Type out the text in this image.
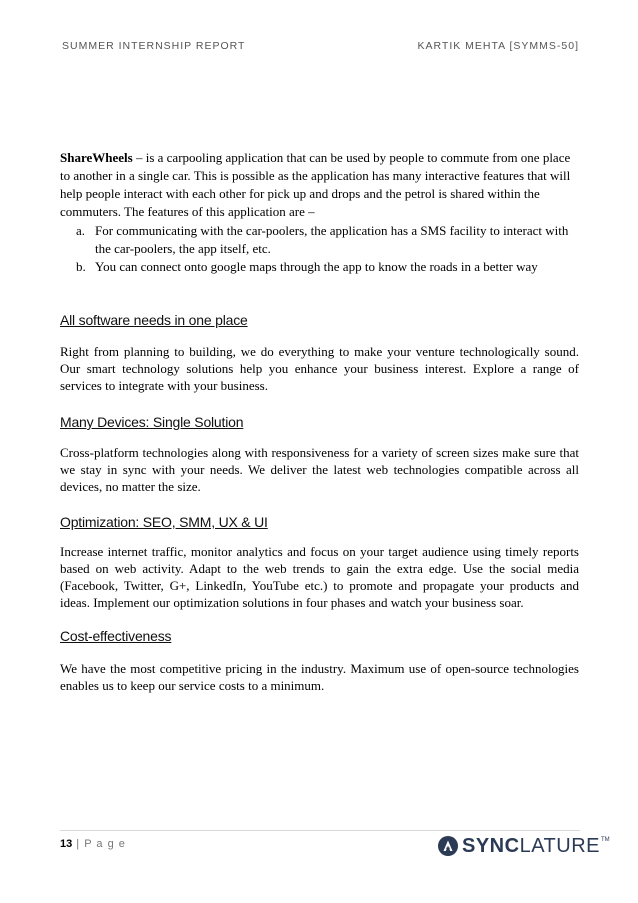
SUMMER INTERNSHIP REPORT	KARTIK MEHTA [SYMMS-50]

ShareWheels – is a carpooling application that can be used by people to commute from one place to another in a single car. This is possible as the application has many interactive features that will help people interact with each other for pick up and drops and the petrol is shared within the commuters. The features of this application are –

a. For communicating with the car-poolers, the application has a SMS facility to interact with the car-poolers, the app itself, etc.
b. You can connect onto google maps through the app to know the roads in a better way
All software needs in one place

Right from planning to building, we do everything to make your venture technologically sound. Our smart technology solutions help you enhance your business interest. Explore a range of services to integrate with your business.

Many Devices: Single Solution

Cross-platform technologies along with responsiveness for a variety of screen sizes make sure that we stay in sync with your needs. We deliver the latest web technologies compatible across all devices, no matter the size.

Optimization: SEO, SMM, UX & UI

Increase internet traffic, monitor analytics and focus on your target audience using timely reports based on web activity. Adapt to the web trends to gain the extra edge. Use the social media (Facebook, Twitter, G+, LinkedIn, YouTube etc.) to promote and propagate your products and ideas. Implement our optimization solutions in four phases and watch your business soar.

Cost-effectiveness

We have the most competitive pricing in the industry. Maximum use of open-source technologies enables us to keep our service costs to a minimum.

13 | P a g e	SYNCLATURE TM
